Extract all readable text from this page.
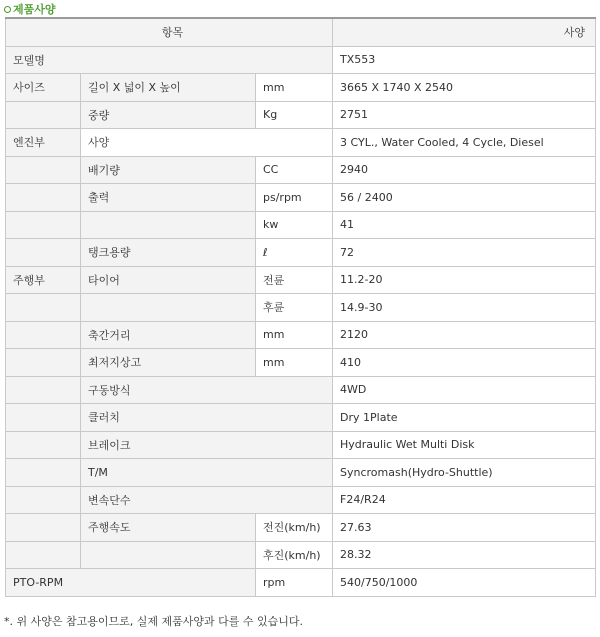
제품사양
항목			사양
모델명			TX553
사이즈	길이 X 넓이 X 높이	mm	3665 X 1740 X 2540
	중량	Kg	2751
엔진부	사양		3 CYL., Water Cooled, 4 Cycle, Diesel
	배기량	CC	2940
	출력	ps/rpm	56 / 2400
		kw	41
	탱크용량	ℓ	72
주행부	타이어	전륜	11.2-20
		후륜	14.9-30
	축간거리	mm	2120
	최저지상고	mm	410
	구동방식		4WD
	클러치		Dry 1Plate
	브레이크		Hydraulic Wet Multi Disk
	T/M		Syncromash(Hydro-Shuttle)
	변속단수		F24/R24
	주행속도	전진(km/h)	27.63
		후진(km/h)	28.32
PTO-RPM		rpm	540/750/1000
*. 위 사양은 참고용이므로, 실제 제품사양과 다를 수 있습니다.
